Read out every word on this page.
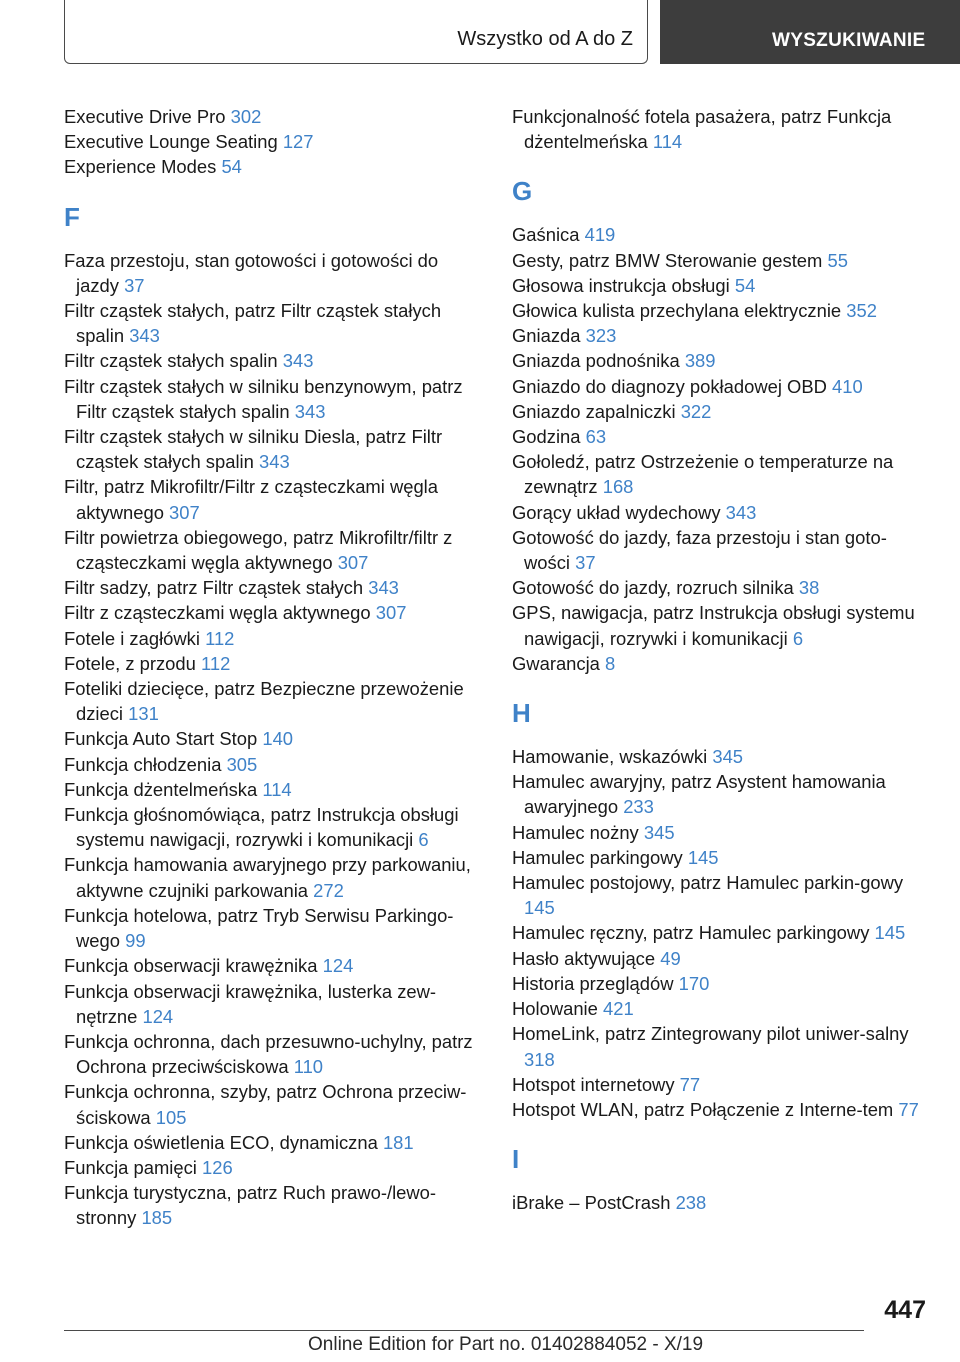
Wszystko od A do Z	WYSZUKIWANIE
Executive Drive Pro 302
Executive Lounge Seating 127
Experience Modes 54
F
Faza przestoju, stan gotowości i gotowości do jazdy 37
Filtr cząstek stałych, patrz Filtr cząstek stałych spalin 343
Filtr cząstek stałych spalin 343
Filtr cząstek stałych w silniku benzynowym, patrz Filtr cząstek stałych spalin 343
Filtr cząstek stałych w silniku Diesla, patrz Filtr cząstek stałych spalin 343
Filtr, patrz Mikrofiltr/Filtr z cząsteczkami węgla aktywnego 307
Filtr powietrza obiegowego, patrz Mikrofiltr/filtr z cząsteczkami węgla aktywnego 307
Filtr sadzy, patrz Filtr cząstek stałych 343
Filtr z cząsteczkami węgla aktywnego 307
Fotele i zagłówki 112
Fotele, z przodu 112
Foteliki dziecięce, patrz Bezpieczne przewożenie dzieci 131
Funkcja Auto Start Stop 140
Funkcja chłodzenia 305
Funkcja dżentelmeńska 114
Funkcja głośnomówiąca, patrz Instrukcja obsługi systemu nawigacji, rozrywki i komunikacji 6
Funkcja hamowania awaryjnego przy parkowaniu, aktywne czujniki parkowania 272
Funkcja hotelowa, patrz Tryb Serwisu Parkingo-wego 99
Funkcja obserwacji krawężnika 124
Funkcja obserwacji krawężnika, lusterka zew-nętrzne 124
Funkcja ochronna, dach przesuwno-uchylny, patrz Ochrona przeciwściskowa 110
Funkcja ochronna, szyby, patrz Ochrona przeciw-ściskowa 105
Funkcja oświetlenia ECO, dynamiczna 181
Funkcja pamięci 126
Funkcja turystyczna, patrz Ruch prawo-/lewo-stronny 185
Funkcjonalność fotela pasażera, patrz Funkcja dżentelmeńska 114
G
Gaśnica 419
Gesty, patrz BMW Sterowanie gestem 55
Głosowa instrukcja obsługi 54
Głowica kulista przechylana elektrycznie 352
Gniazda 323
Gniazda podnośnika 389
Gniazdo do diagnozy pokładowej OBD 410
Gniazdo zapalniczki 322
Godzina 63
Gołoledź, patrz Ostrzeżenie o temperaturze na zewnątrz 168
Gorący układ wydechowy 343
Gotowość do jazdy, faza przestoju i stan goto-wości 37
Gotowość do jazdy, rozruch silnika 38
GPS, nawigacja, patrz Instrukcja obsługi systemu nawigacji, rozrywki i komunikacji 6
Gwarancja 8
H
Hamowanie, wskazówki 345
Hamulec awaryjny, patrz Asystent hamowania awaryjnego 233
Hamulec nożny 345
Hamulec parkingowy 145
Hamulec postojowy, patrz Hamulec parkin-gowy 145
Hamulec ręczny, patrz Hamulec parkingowy 145
Hasło aktywujące 49
Historia przeglądów 170
Holowanie 421
HomeLink, patrz Zintegrowany pilot uniwer-salny 318
Hotspot internetowy 77
Hotspot WLAN, patrz Połączenie z Interne-tem 77
I
iBrake – PostCrash 238
447
Online Edition for Part no. 01402884052 - X/19
